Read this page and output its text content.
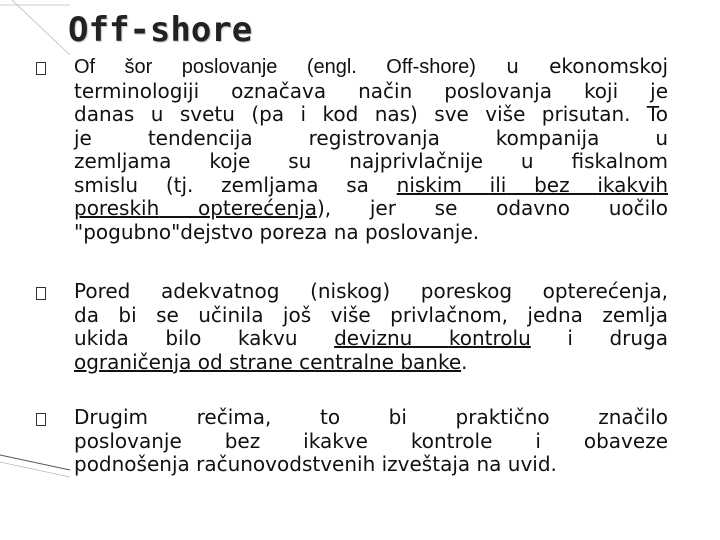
Off-shore
Of šor poslovanje (engl. Off-shore) u ekonomskoj
terminologiji označava način poslovanja koji je
danas u svetu (pa i kod nas) sve više prisutan. To
je tendencija registrovanja kompanija u
zemljama koje su najprivlačnije u fiskalnom
smislu (tj. zemljama sa niskim ili bez ikakvih
poreskih opterećenja), jer se odavno uočilo
"pogubno"dejstvo poreza na poslovanje.
Pored adekvatnog (niskog) poreskog opterećenja,
da bi se učinila još više privlačnom, jedna zemlja
ukida bilo kakvu deviznu kontrolu i druga
ograničenja od strane centralne banke.
Drugim rečima, to bi praktično značilo
poslovanje bez ikakve kontrole i obaveze
podnošenja računovodstvenih izveštaja na uvid.
